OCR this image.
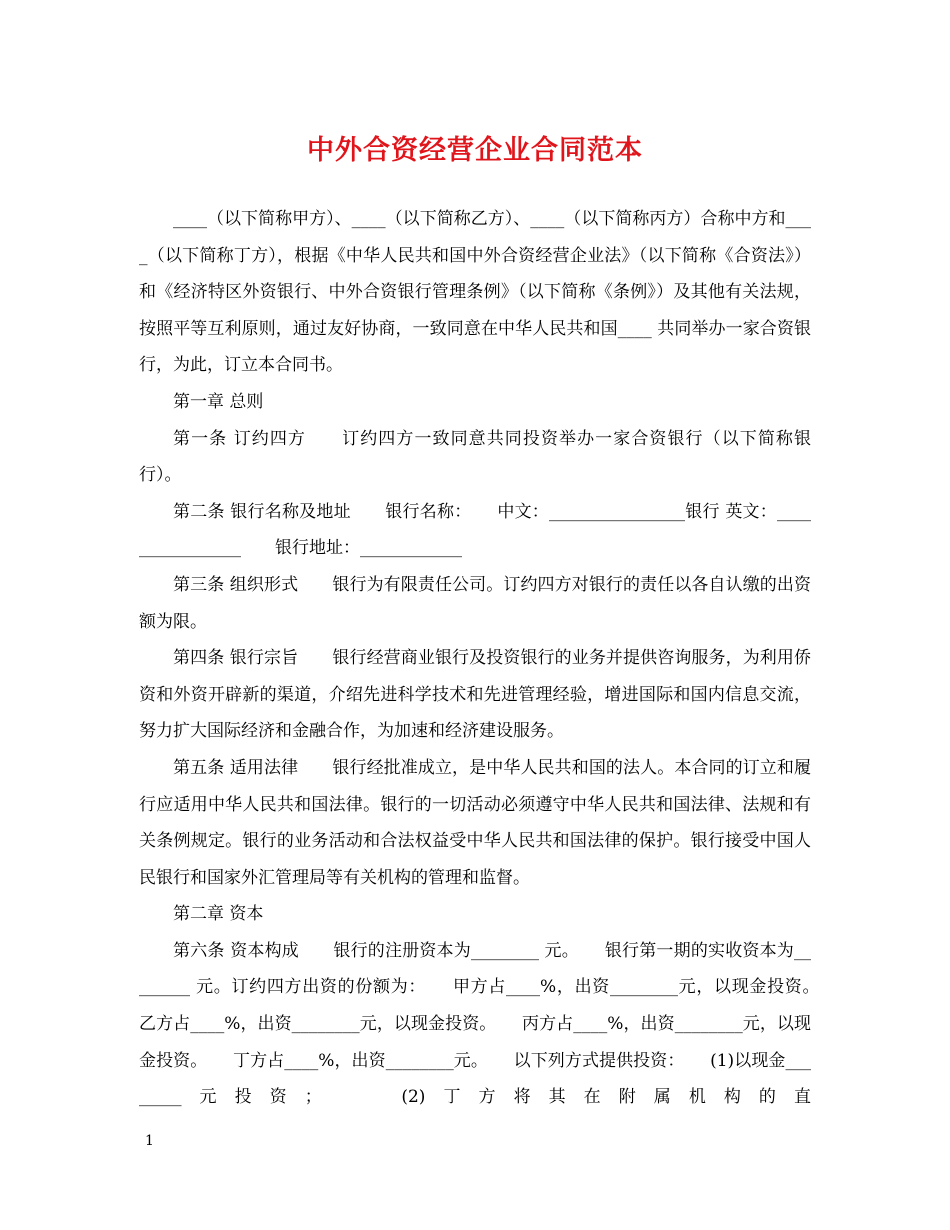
中外合资经营企业合同范本

____（以下简称甲方）、____（以下简称乙方）、____（以下简称丙方）合称中方和____（以下简称丁方），根据《中华人民共和国中外合资经营企业法》（以下简称《合资法》）和《经济特区外资银行、中外合资银行管理条例》（以下简称《条例》）及其他有关法规，按照平等互利原则，通过友好协商，一致同意在中华人民共和国____ 共同举办一家合资银行，为此，订立本合同书。

第一章 总则

第一条 订约四方　　订约四方一致同意共同投资举办一家合资银行（以下简称银行）。

第二条 银行名称及地址　　银行名称：　　中文：________________银行 英文：________________　　银行地址：____________

第三条 组织形式　　银行为有限责任公司。订约四方对银行的责任以各自认缴的出资额为限。

第四条 银行宗旨　　银行经营商业银行及投资银行的业务并提供咨询服务，为利用侨资和外资开辟新的渠道，介绍先进科学技术和先进管理经验，增进国际和国内信息交流，努力扩大国际经济和金融合作，为加速和经济建设服务。

第五条 适用法律　　银行经批准成立，是中华人民共和国的法人。本合同的订立和履行应适用中华人民共和国法律。银行的一切活动必须遵守中华人民共和国法律、法规和有关条例规定。银行的业务活动和合法权益受中华人民共和国法律的保护。银行接受中国人民银行和国家外汇管理局等有关机构的管理和监督。

第二章 资本

第六条 资本构成　　银行的注册资本为________ 元。　　银行第一期的实收资本为________ 元。订约四方出资的份额为：　　甲方占____%，出资________元，以现金投资。　　乙方占____%，出资________元，以现金投资。　　丙方占____%，出资________元，以现金投资。　　丁方占____%，出资________元。　　以下列方式提供投资：　　(1)以现金________元投资；　　(2)丁方将其在附属机构的直

1
